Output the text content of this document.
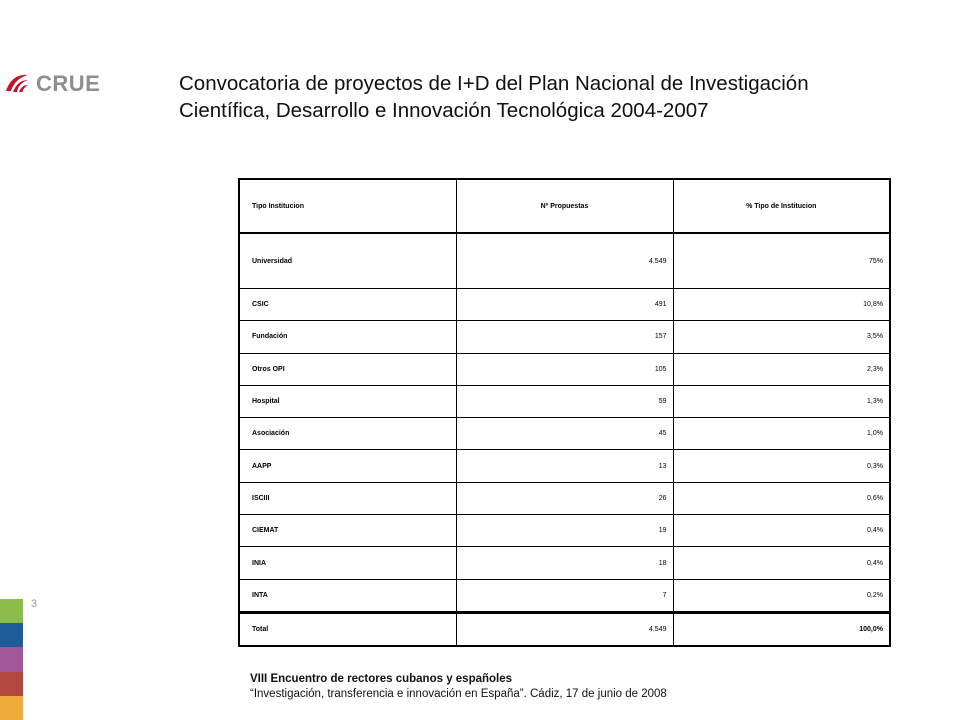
CRUE	Convocatoria de proyectos de I+D del Plan Nacional de Investigación
Científica, Desarrollo e Innovación Tecnológica 2004-2007
Tipo Institucion	Nº Propuestas	% Tipo de Institucion
Universidad	4.549	75%
CSIC	491	10,8%
Fundación	157	3,5%
Otros OPI	105	2,3%
Hospital	59	1,3%
Asociación	45	1,0%
AAPP	13	0,3%
ISCIII	26	0,6%
CIEMAT	19	0,4%
INIA	18	0,4%
INTA	7	0,2%
Total	4.549	100,0%
3
VIII Encuentro de rectores cubanos y españoles
“Investigación, transferencia e innovación en España”. Cádiz, 17 de junio de 2008
